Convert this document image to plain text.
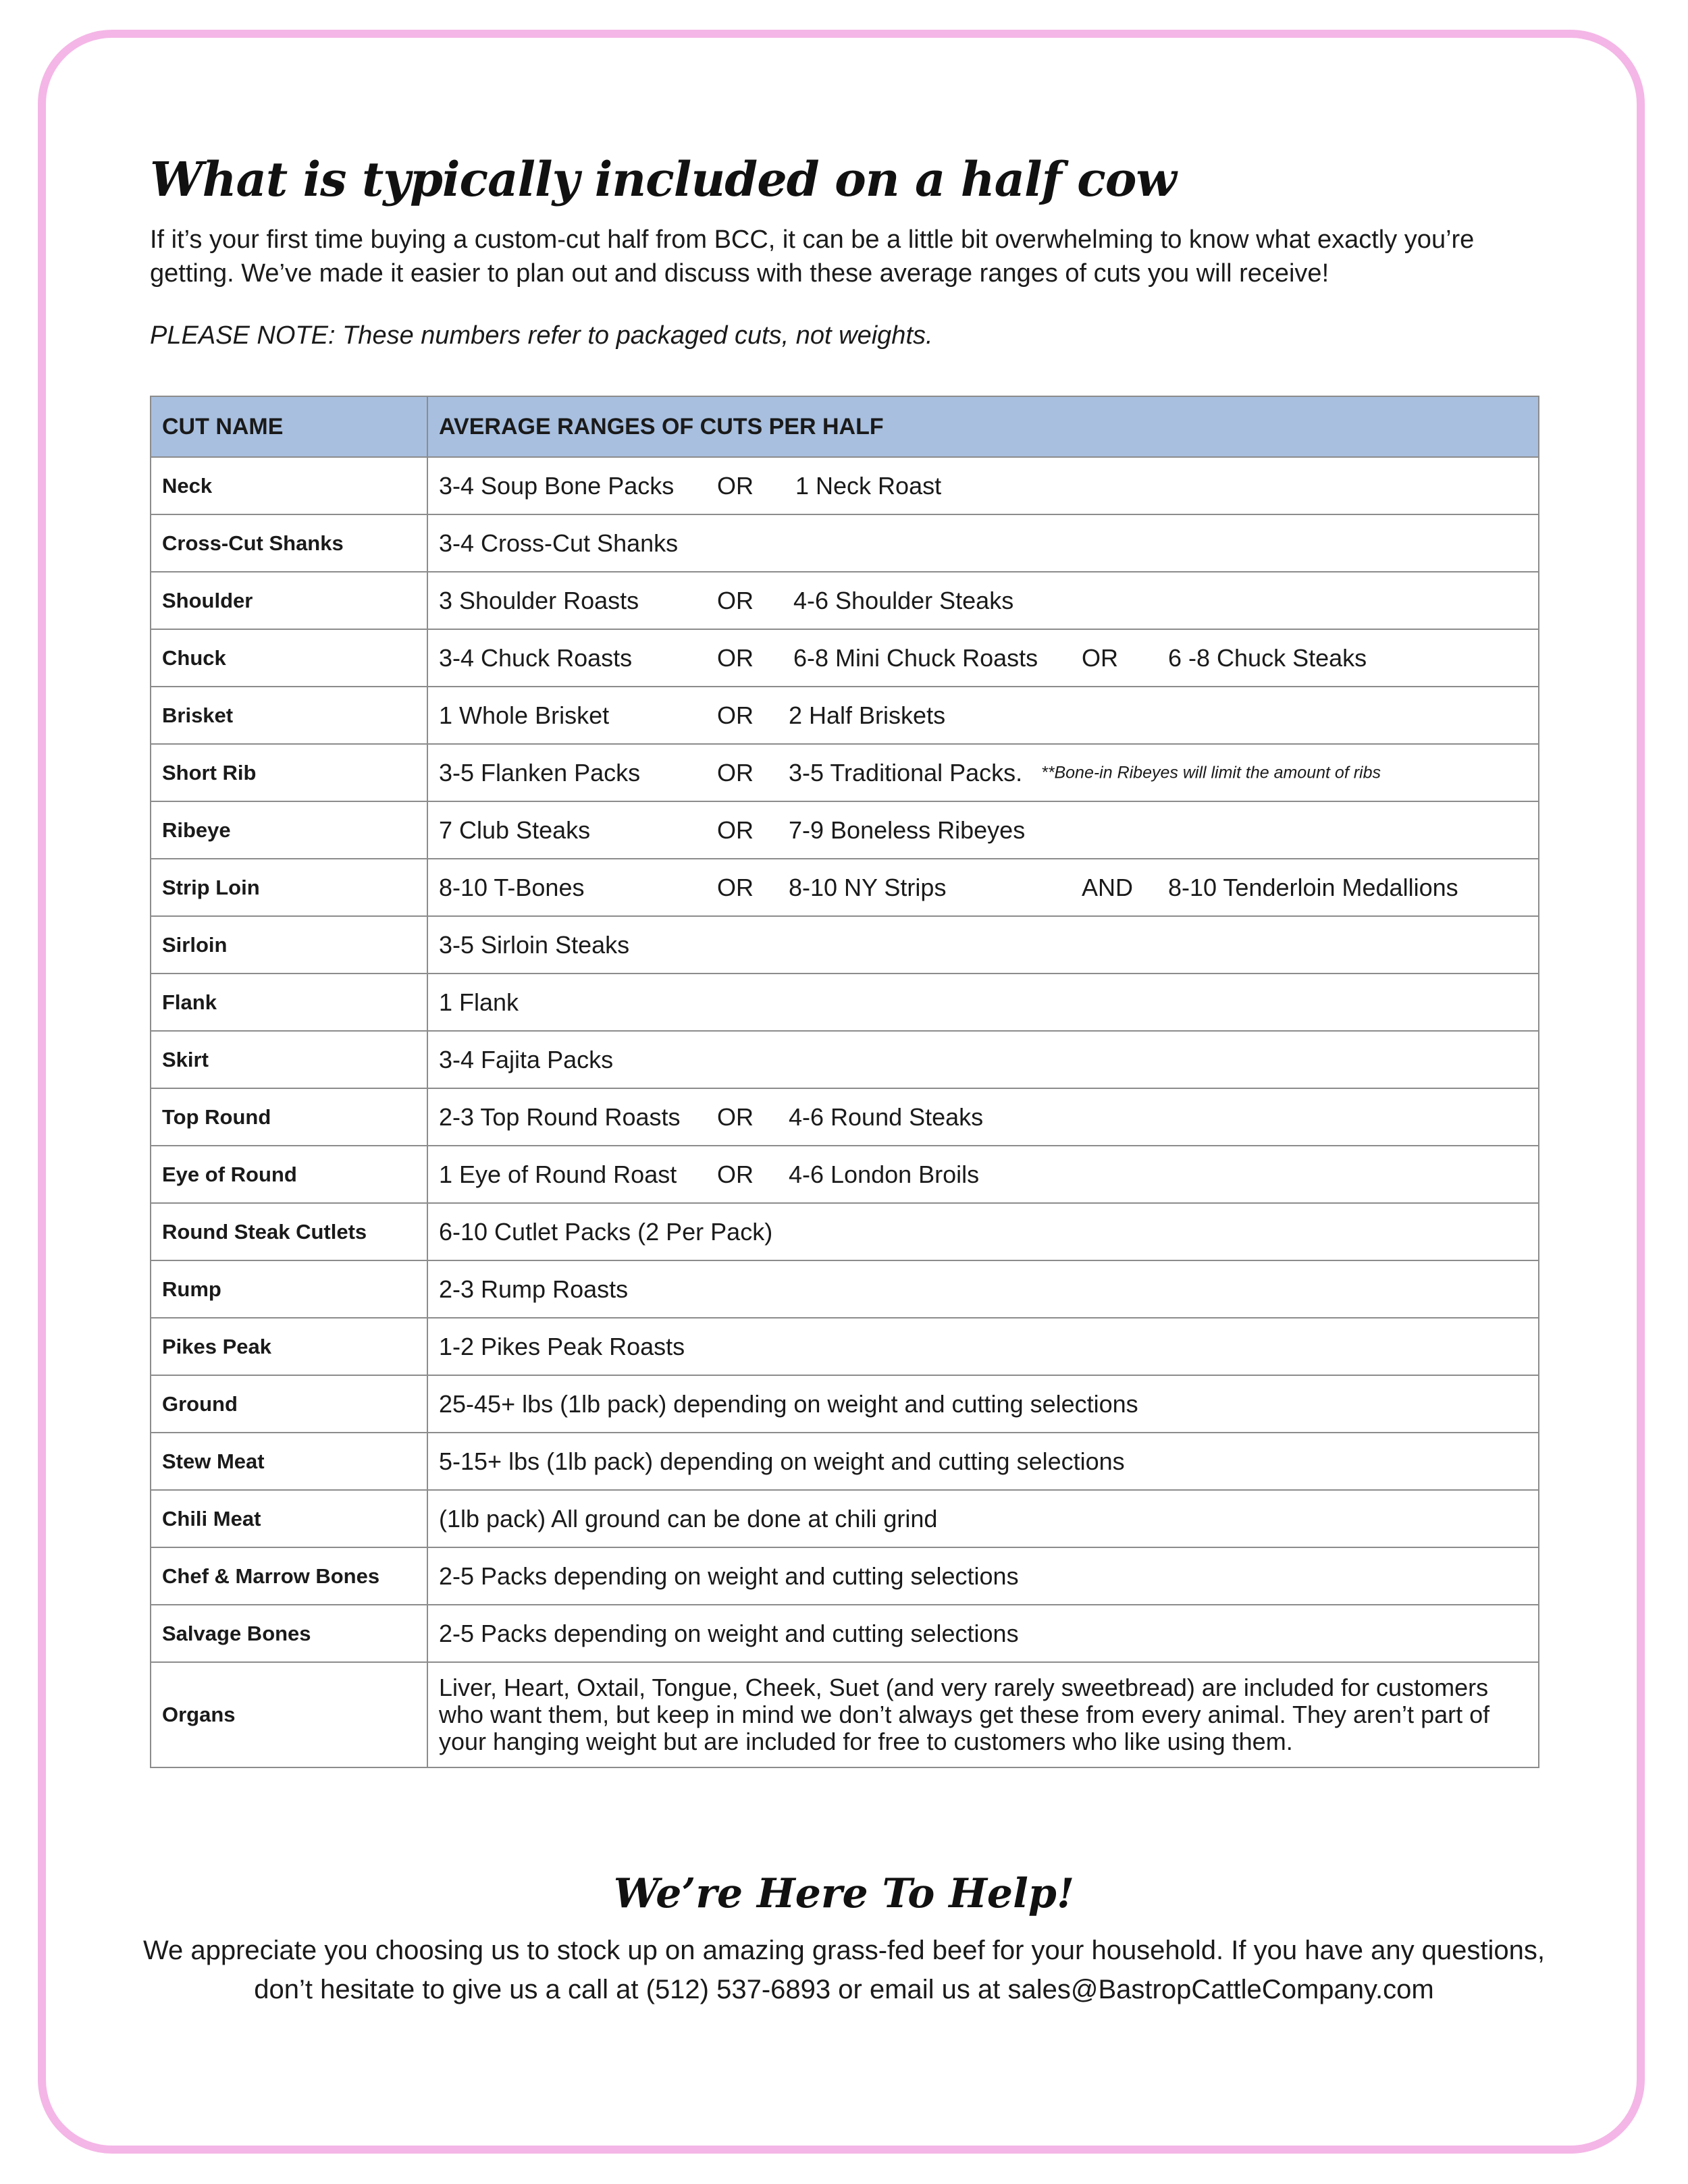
What is typically included on a half cow

If it’s your first time buying a custom-cut half from BCC, it can be a little bit overwhelming to know what exactly you’re getting. We’ve made it easier to plan out and discuss with these average ranges of cuts you will receive!

PLEASE NOTE: These numbers refer to packaged cuts, not weights.

CUT NAME	AVERAGE RANGES OF CUTS PER HALF
Neck	3-4 Soup Bone Packs OR 1 Neck Roast

Cross-Cut Shanks	3-4 Cross-Cut Shanks
Shoulder	3 Shoulder Roasts OR 4-6 Shoulder Steaks

Chuck	3-4 Chuck Roasts OR 6-8 Mini Chuck Roasts OR 6 -8 Chuck Steaks

Brisket	1 Whole Brisket OR 2 Half Briskets

Short Rib	3-5 Flanken Packs OR 3-5 Traditional Packs. **Bone-in Ribeyes will limit the amount of ribs

Ribeye	7 Club Steaks OR 7-9 Boneless Ribeyes

Strip Loin	8-10 T-Bones OR 8-10 NY Strips AND 8-10 Tenderloin Medallions

Sirloin	3-5 Sirloin Steaks
Flank	1 Flank
Skirt	3-4 Fajita Packs
Top Round	2-3 Top Round Roasts OR 4-6 Round Steaks

Eye of Round	1 Eye of Round Roast OR 4-6 London Broils

Round Steak Cutlets	6-10 Cutlet Packs (2 Per Pack)
Rump	2-3 Rump Roasts
Pikes Peak	1-2 Pikes Peak Roasts
Ground	25-45+ lbs (1lb pack) depending on weight and cutting selections
Stew Meat	5-15+ lbs (1lb pack) depending on weight and cutting selections
Chili Meat	(1lb pack) All ground can be done at chili grind
Chef & Marrow Bones	2-5 Packs depending on weight and cutting selections
Salvage Bones	2-5 Packs depending on weight and cutting selections
Organs	Liver, Heart, Oxtail, Tongue, Cheek, Suet (and very rarely sweetbread) are included for customers who want them, but keep in mind we don’t always get these from every animal. They aren’t part of your hanging weight but are included for free to customers who like using them.
We’re Here To Help!

We appreciate you choosing us to stock up on amazing grass-fed beef for your household. If you have any questions, don’t hesitate to give us a call at (512) 537-6893 or email us at sales@BastropCattleCompany.com
